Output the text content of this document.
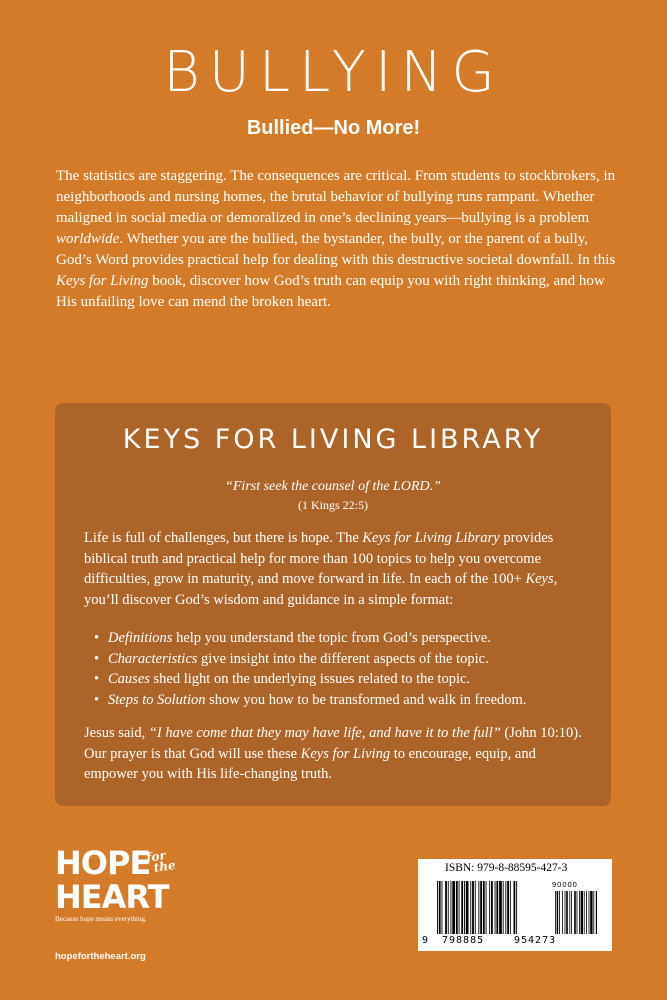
BULLYING
Bullied—No More!
The statistics are staggering. The consequences are critical. From students to stockbrokers, in neighborhoods and nursing homes, the brutal behavior of bullying runs rampant. Whether maligned in social media or demoralized in one’s declining years—bullying is a problem worldwide. Whether you are the bullied, the bystander, the bully, or the parent of a bully, God’s Word provides practical help for dealing with this destructive societal downfall. In this Keys for Living book, discover how God’s truth can equip you with right thinking, and how His unfailing love can mend the broken heart.
KEYS FOR LIVING LIBRARY
“First seek the counsel of the LORD.”
(1 Kings 22:5)
Life is full of challenges, but there is hope. The Keys for Living Library provides biblical truth and practical help for more than 100 topics to help you overcome difficulties, grow in maturity, and move forward in life. In each of the 100+ Keys, you’ll discover God’s wisdom and guidance in a simple format:
• Definitions help you understand the topic from God’s perspective.
• Characteristics give insight into the different aspects of the topic.
• Causes shed light on the underlying issues related to the topic.
• Steps to Solution show you how to be transformed and walk in freedom.
Jesus said, “I have come that they may have life, and have it to the full” (John 10:10). Our prayer is that God will use these Keys for Living to encourage, equip, and empower you with His life-changing truth.
HOPE
for
the
HEART
Because hope means everything.
hopefortheheart.org
ISBN: 979-8-88595-427-3
90000
9 798885	954273
